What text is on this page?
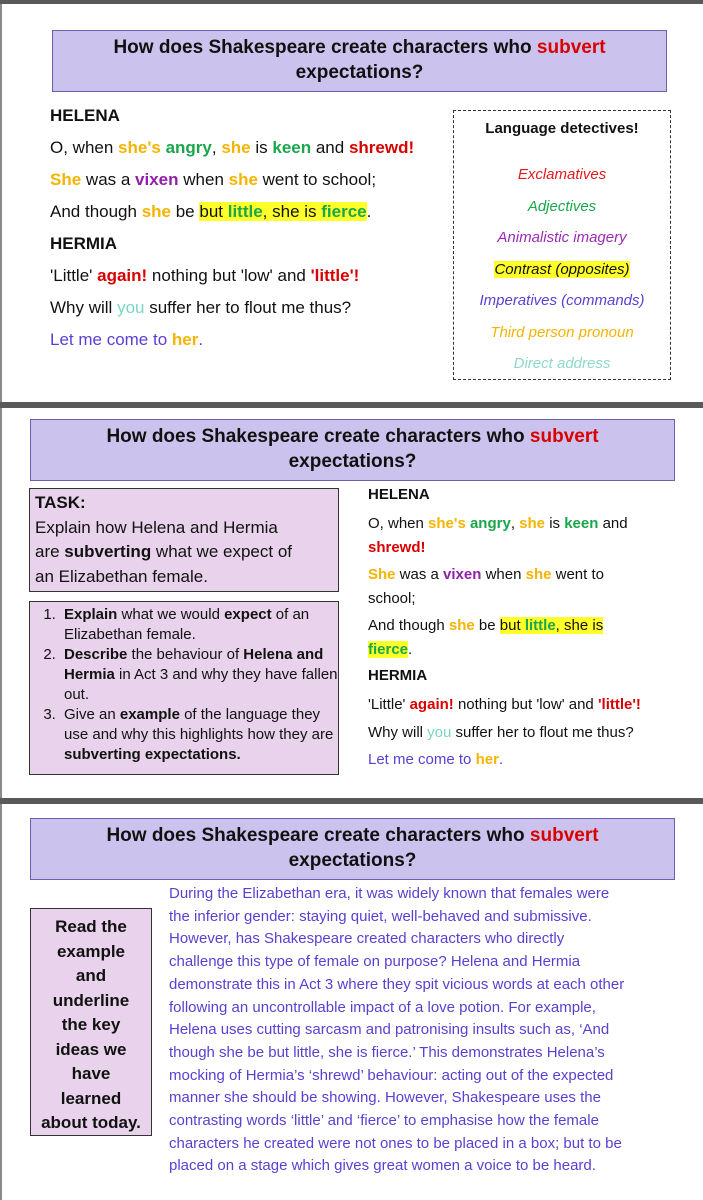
How does Shakespeare create characters who subvert
expectations?
HELENA
O, when she's angry, she is keen and shrewd!
She was a vixen when she went to school;
And though she be but little, she is fierce.
HERMIA
'Little' again! nothing but 'low' and 'little'!
Why will you suffer her to flout me thus?
Let me come to her.
Language detectives!
Exclamatives
Adjectives
Animalistic imagery
Contrast (opposites)
Imperatives (commands)
Third person pronoun
Direct address
How does Shakespeare create characters who subvert
expectations?
TASK:
Explain how Helena and Hermia
are subverting what we expect of
an Elizabethan female.
1. Explain what we would expect of an Elizabethan female.
2. Describe the behaviour of Helena and Hermia in Act 3 and why they have fallen out.
3. Give an example of the language they use and why this highlights how they are subverting expectations.
HELENA
O, when she's angry, she is keen and
shrewd!
She was a vixen when she went to
school;
And though she be but little, she is
fierce.
HERMIA
'Little' again! nothing but 'low' and 'little'!
Why will you suffer her to flout me thus?
Let me come to her.
How does Shakespeare create characters who subvert
expectations?
Read the
example
and
underline
the key
ideas we
have
learned
about today.
During the Elizabethan era, it was widely known that females were
the inferior gender: staying quiet, well-behaved and submissive.
However, has Shakespeare created characters who directly
challenge this type of female on purpose? Helena and Hermia
demonstrate this in Act 3 where they spit vicious words at each other
following an uncontrollable impact of a love potion. For example,
Helena uses cutting sarcasm and patronising insults such as, ‘And
though she be but little, she is fierce.’ This demonstrates Helena’s
mocking of Hermia’s ‘shrewd’ behaviour: acting out of the expected
manner she should be showing. However, Shakespeare uses the
contrasting words ‘little’ and ‘fierce’ to emphasise how the female
characters he created were not ones to be placed in a box; but to be
placed on a stage which gives great women a voice to be heard.
